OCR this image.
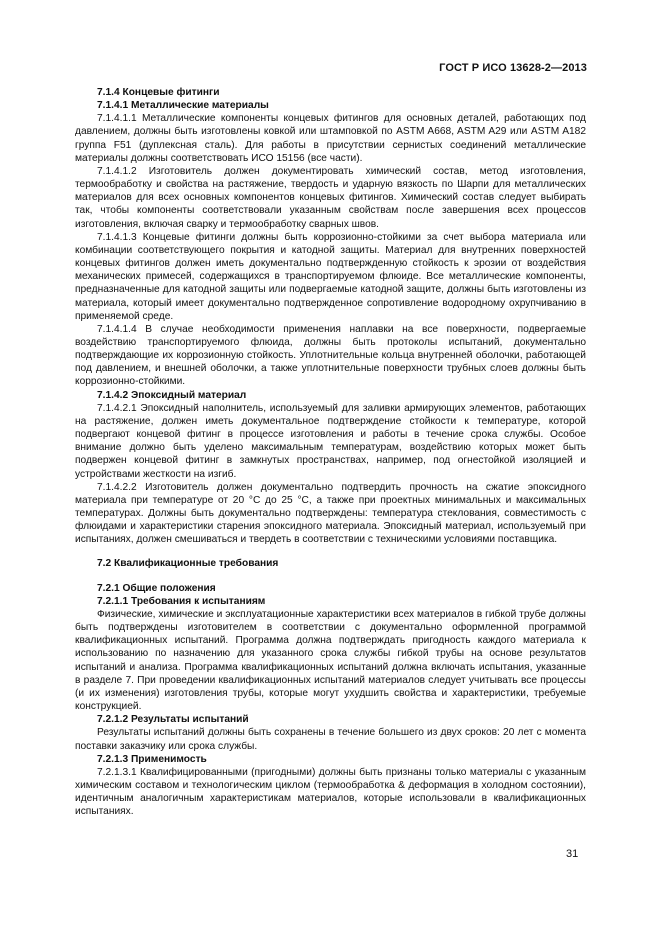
ГОСТ Р ИСО 13628-2—2013

7.1.4 Концевые фитинги

7.1.4.1 Металлические материалы

7.1.4.1.1 Металлические компоненты концевых фитингов для основных деталей, работающих под давлением, должны быть изготовлены ковкой или штамповкой по ASTM A668, ASTM A29 или ASTM A182 группа F51 (дуплексная сталь). Для работы в присутствии сернистых соединений металлические материалы должны соответствовать ИСО 15156 (все части).

7.1.4.1.2 Изготовитель должен документировать химический состав, метод изготовления, термообработку и свойства на растяжение, твердость и ударную вязкость по Шарпи для металлических материалов для всех основных компонентов концевых фитингов. Химический состав следует выбирать так, чтобы компоненты соответствовали указанным свойствам после завершения всех процессов изготовления, включая сварку и термообработку сварных швов.

7.1.4.1.3 Концевые фитинги должны быть коррозионно-стойкими за счет выбора материала или комбинации соответствующего покрытия и катодной защиты. Материал для внутренних поверхностей концевых фитингов должен иметь документально подтвержденную стойкость к эрозии от воздействия механических примесей, содержащихся в транспортируемом флюиде. Все металлические компоненты, предназначенные для катодной защиты или подвергаемые катодной защите, должны быть изготовлены из материала, который имеет документально подтвержденное сопротивление водородному охрупчиванию в применяемой среде.

7.1.4.1.4 В случае необходимости применения наплавки на все поверхности, подвергаемые воздействию транспортируемого флюида, должны быть протоколы испытаний, документально подтверждающие их коррозионную стойкость. Уплотнительные кольца внутренней оболочки, работающей под давлением, и внешней оболочки, а также уплотнительные поверхности трубных слоев должны быть коррозионно-стойкими.

7.1.4.2 Эпоксидный материал

7.1.4.2.1 Эпоксидный наполнитель, используемый для заливки армирующих элементов, работающих на растяжение, должен иметь документальное подтверждение стойкости к температуре, которой подвергают концевой фитинг в процессе изготовления и работы в течение срока службы. Особое внимание должно быть уделено максимальным температурам, воздействию которых может быть подвержен концевой фитинг в замкнутых пространствах, например, под огнестойкой изоляцией и устройствами жесткости на изгиб.

7.1.4.2.2 Изготовитель должен документально подтвердить прочность на сжатие эпоксидного материала при температуре от 20 °С до 25 °С, а также при проектных минимальных и максимальных температурах. Должны быть документально подтверждены: температура стеклования, совместимость с флюидами и характеристики старения эпоксидного материала. Эпоксидный материал, используемый при испытаниях, должен смешиваться и твердеть в соответствии с техническими условиями поставщика.

7.2 Квалификационные требования

7.2.1 Общие положения

7.2.1.1 Требования к испытаниям

Физические, химические и эксплуатационные характеристики всех материалов в гибкой трубе должны быть подтверждены изготовителем в соответствии с документально оформленной программой квалификационных испытаний. Программа должна подтверждать пригодность каждого материала к использованию по назначению для указанного срока службы гибкой трубы на основе результатов испытаний и анализа. Программа квалификационных испытаний должна включать испытания, указанные в разделе 7. При проведении квалификационных испытаний материалов следует учитывать все процессы (и их изменения) изготовления трубы, которые могут ухудшить свойства и характеристики, требуемые конструкцией.

7.2.1.2 Результаты испытаний

Результаты испытаний должны быть сохранены в течение большего из двух сроков: 20 лет с момента поставки заказчику или срока службы.

7.2.1.3 Применимость

7.2.1.3.1 Квалифицированными (пригодными) должны быть признаны только материалы с указанным химическим составом и технологическим циклом (термообработка & деформация в холодном состоянии), идентичным аналогичным характеристикам материалов, которые использовали в квалификационных испытаниях.

31
